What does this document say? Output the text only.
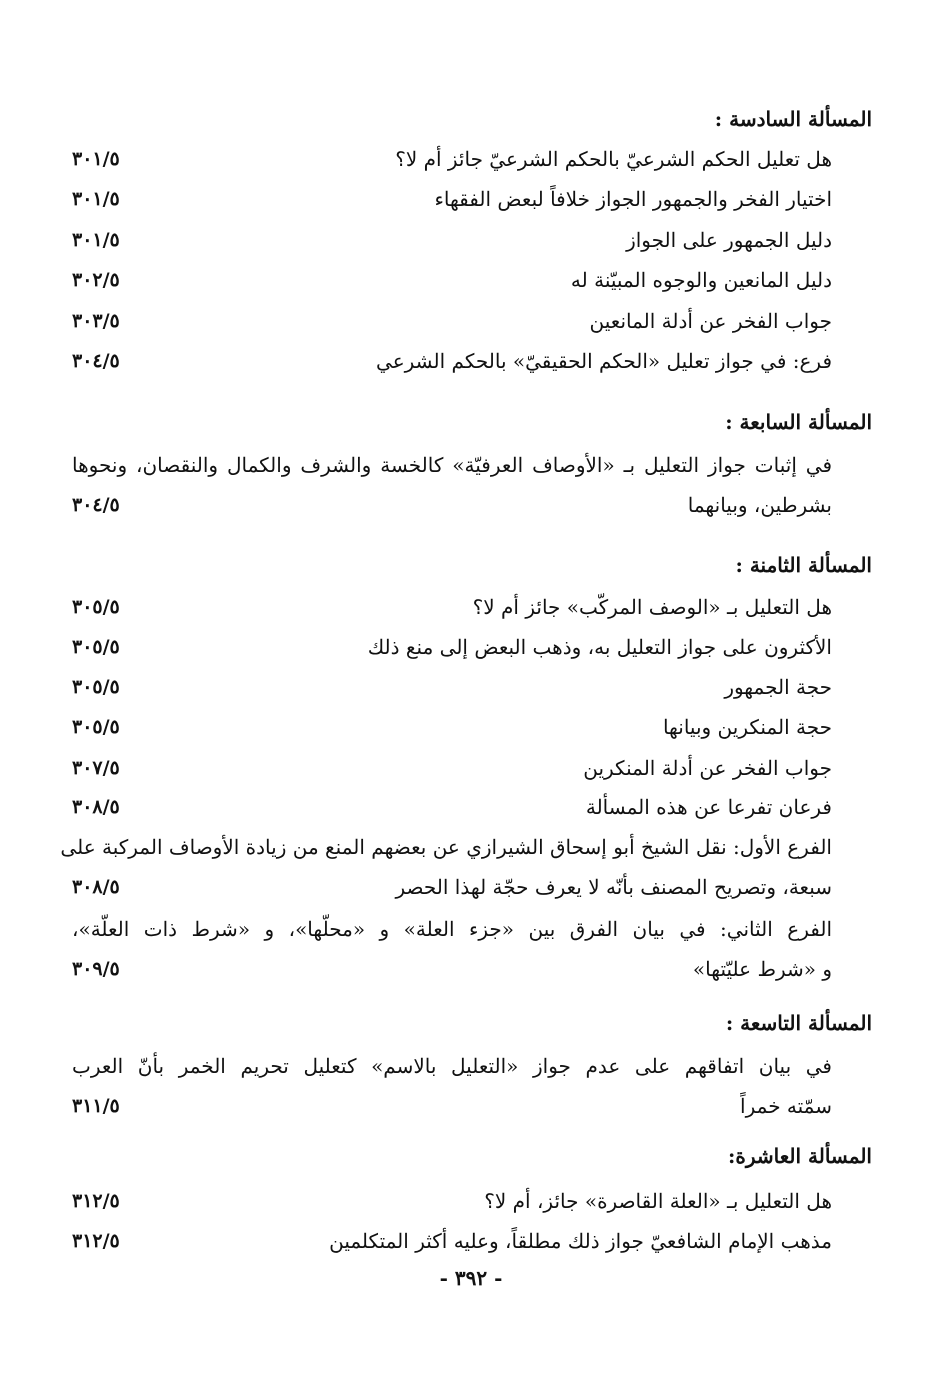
المسألة السادسة :
هل تعليل الحكم الشرعيّ بالحكم الشرعيّ جائز أم لا؟
٣٠١/٥
اختيار الفخر والجمهور الجواز خلافاً لبعض الفقهاء
٣٠١/٥
دليل الجمهور على الجواز
٣٠١/٥
دليل المانعين والوجوه المبيّنة له
٣٠٢/٥
جواب الفخر عن أدلة المانعين
٣٠٣/٥
فرع: في جواز تعليل «الحكم الحقيقيّ» بالحكم الشرعي
٣٠٤/٥
المسألة السابعة :
في إثبات جواز التعليل بـ «الأوصاف العرفيّة» كالخسة والشرف والكمال والنقصان، ونحوها
بشرطين، وبيانهما
٣٠٤/٥
المسألة الثامنة :
هل التعليل بـ «الوصف المركّب» جائز أم لا؟
٣٠٥/٥
الأكثرون على جواز التعليل به، وذهب البعض إلى منع ذلك
٣٠٥/٥
حجة الجمهور
٣٠٥/٥
حجة المنكرين وبيانها
٣٠٥/٥
جواب الفخر عن أدلة المنكرين
٣٠٧/٥
فرعان تفرعا عن هذه المسألة
٣٠٨/٥
الفرع الأول: نقل الشيخ أبو إسحاق الشيرازي عن بعضهم المنع من زيادة الأوصاف المركبة على
سبعة، وتصريح المصنف بأنّه لا يعرف حجّة لهذا الحصر
٣٠٨/٥
الفرع الثاني: في بيان الفرق بين «جزء العلة» و «محلّها»، و «شرط ذات العلّة»،
و «شرط عليّتها»
٣٠٩/٥
المسألة التاسعة :
في بيان اتفاقهم على عدم جواز «التعليل بالاسم» كتعليل تحريم الخمر بأنّ العرب
سمّته خمراً
٣١١/٥
المسألة العاشرة:
هل التعليل بـ «العلة القاصرة» جائز، أم لا؟
٣١٢/٥
مذهب الإمام الشافعيّ جواز ذلك مطلقاً، وعليه أكثر المتكلمين
٣١٢/٥
- ٣٩٢ -
